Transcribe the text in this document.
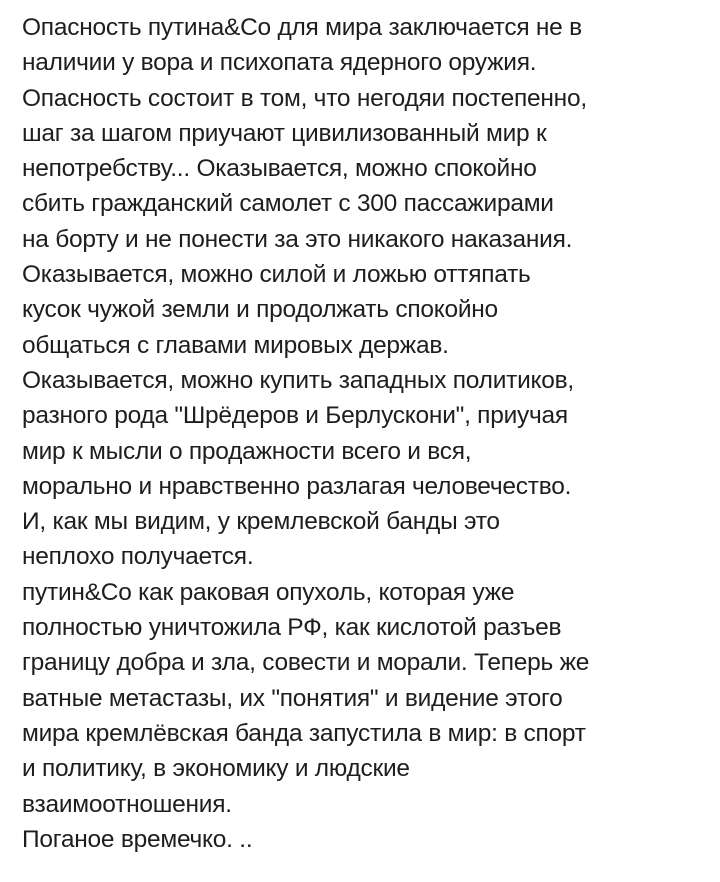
Опасность путина&Со для мира заключается не в
наличии у вора и психопата ядерного оружия.
Опасность состоит в том, что негодяи постепенно,
шаг за шагом приучают цивилизованный мир к
непотребству... Оказывается, можно спокойно
сбить гражданский самолет с 300 пассажирами
на борту и не понести за это никакого наказания.
Оказывается, можно силой и ложью оттяпать
кусок чужой земли и продолжать спокойно
общаться с главами мировых держав.
Оказывается, можно купить западных политиков,
разного рода "Шрёдеров и Берлускони", приучая
мир к мысли о продажности всего и вся,
морально и нравственно разлагая человечество.
И, как мы видим, у кремлевской банды это
неплохо получается.
путин&Со как раковая опухоль, которая уже
полностью уничтожила РФ, как кислотой разъев
границу добра и зла, совести и морали. Теперь же
ватные метастазы, их "понятия" и видение этого
мира кремлёвская банда запустила в мир: в спорт
и политику, в экономику и людские
взаимоотношения.
Поганое времечко. ..
